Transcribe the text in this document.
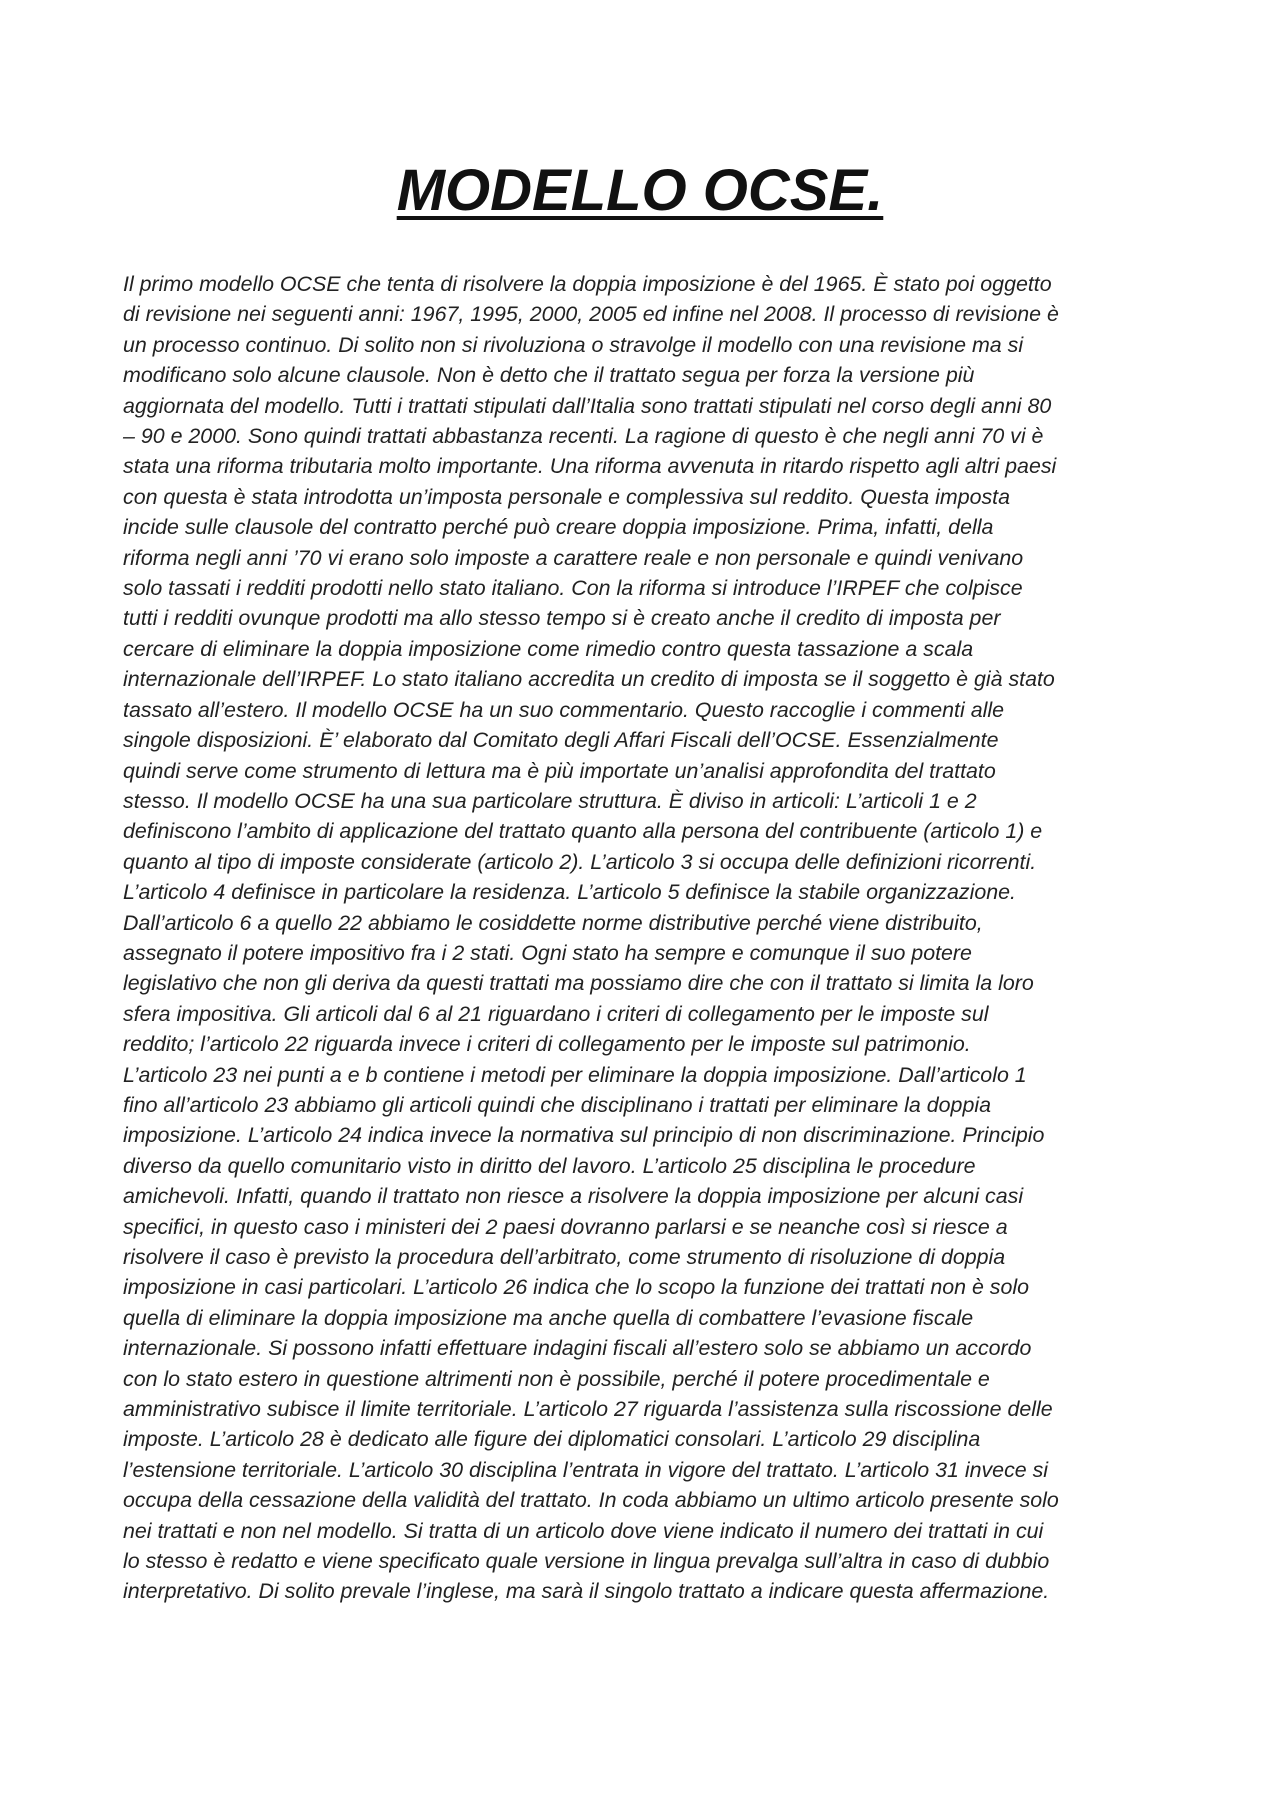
MODELLO OCSE.
Il primo modello OCSE che tenta di risolvere la doppia imposizione è del 1965. È stato poi oggetto
di revisione nei seguenti anni: 1967, 1995, 2000, 2005 ed infine nel 2008. Il processo di revisione è
un processo continuo. Di solito non si rivoluziona o stravolge il modello con una revisione ma si
modificano solo alcune clausole. Non è detto che il trattato segua per forza la versione più
aggiornata del modello. Tutti i trattati stipulati dall’Italia sono trattati stipulati nel corso degli anni 80
– 90 e 2000. Sono quindi trattati abbastanza recenti. La ragione di questo è che negli anni 70 vi è
stata una riforma tributaria molto importante. Una riforma avvenuta in ritardo rispetto agli altri paesi
con questa è stata introdotta un’imposta personale e complessiva sul reddito. Questa imposta
incide sulle clausole del contratto perché può creare doppia imposizione. Prima, infatti, della
riforma negli anni ’70 vi erano solo imposte a carattere reale e non personale e quindi venivano
solo tassati i redditi prodotti nello stato italiano. Con la riforma si introduce l’IRPEF che colpisce
tutti i redditi ovunque prodotti ma allo stesso tempo si è creato anche il credito di imposta per
cercare di eliminare la doppia imposizione come rimedio contro questa tassazione a scala
internazionale dell’IRPEF. Lo stato italiano accredita un credito di imposta se il soggetto è già stato
tassato all’estero. Il modello OCSE ha un suo commentario. Questo raccoglie i commenti alle
singole disposizioni. È’ elaborato dal Comitato degli Affari Fiscali dell’OCSE. Essenzialmente
quindi serve come strumento di lettura ma è più importate un’analisi approfondita del trattato
stesso. Il modello OCSE ha una sua particolare struttura. È diviso in articoli: L’articoli 1 e 2
definiscono l’ambito di applicazione del trattato quanto alla persona del contribuente (articolo 1) e
quanto al tipo di imposte considerate (articolo 2). L’articolo 3 si occupa delle definizioni ricorrenti.
L’articolo 4 definisce in particolare la residenza. L’articolo 5 definisce la stabile organizzazione.
Dall’articolo 6 a quello 22 abbiamo le cosiddette norme distributive perché viene distribuito,
assegnato il potere impositivo fra i 2 stati. Ogni stato ha sempre e comunque il suo potere
legislativo che non gli deriva da questi trattati ma possiamo dire che con il trattato si limita la loro
sfera impositiva. Gli articoli dal 6 al 21 riguardano i criteri di collegamento per le imposte sul
reddito; l’articolo 22 riguarda invece i criteri di collegamento per le imposte sul patrimonio.
L’articolo 23 nei punti a e b contiene i metodi per eliminare la doppia imposizione. Dall’articolo 1
fino all’articolo 23 abbiamo gli articoli quindi che disciplinano i trattati per eliminare la doppia
imposizione. L’articolo 24 indica invece la normativa sul principio di non discriminazione. Principio
diverso da quello comunitario visto in diritto del lavoro. L’articolo 25 disciplina le procedure
amichevoli. Infatti, quando il trattato non riesce a risolvere la doppia imposizione per alcuni casi
specifici, in questo caso i ministeri dei 2 paesi dovranno parlarsi e se neanche così si riesce a
risolvere il caso è previsto la procedura dell’arbitrato, come strumento di risoluzione di doppia
imposizione in casi particolari. L’articolo 26 indica che lo scopo la funzione dei trattati non è solo
quella di eliminare la doppia imposizione ma anche quella di combattere l’evasione fiscale
internazionale. Si possono infatti effettuare indagini fiscali all’estero solo se abbiamo un accordo
con lo stato estero in questione altrimenti non è possibile, perché il potere procedimentale e
amministrativo subisce il limite territoriale. L’articolo 27 riguarda l’assistenza sulla riscossione delle
imposte. L’articolo 28 è dedicato alle figure dei diplomatici consolari. L’articolo 29 disciplina
l’estensione territoriale. L’articolo 30 disciplina l’entrata in vigore del trattato. L’articolo 31 invece si
occupa della cessazione della validità del trattato. In coda abbiamo un ultimo articolo presente solo
nei trattati e non nel modello. Si tratta di un articolo dove viene indicato il numero dei trattati in cui
lo stesso è redatto e viene specificato quale versione in lingua prevalga sull’altra in caso di dubbio
interpretativo. Di solito prevale l’inglese, ma sarà il singolo trattato a indicare questa affermazione.
